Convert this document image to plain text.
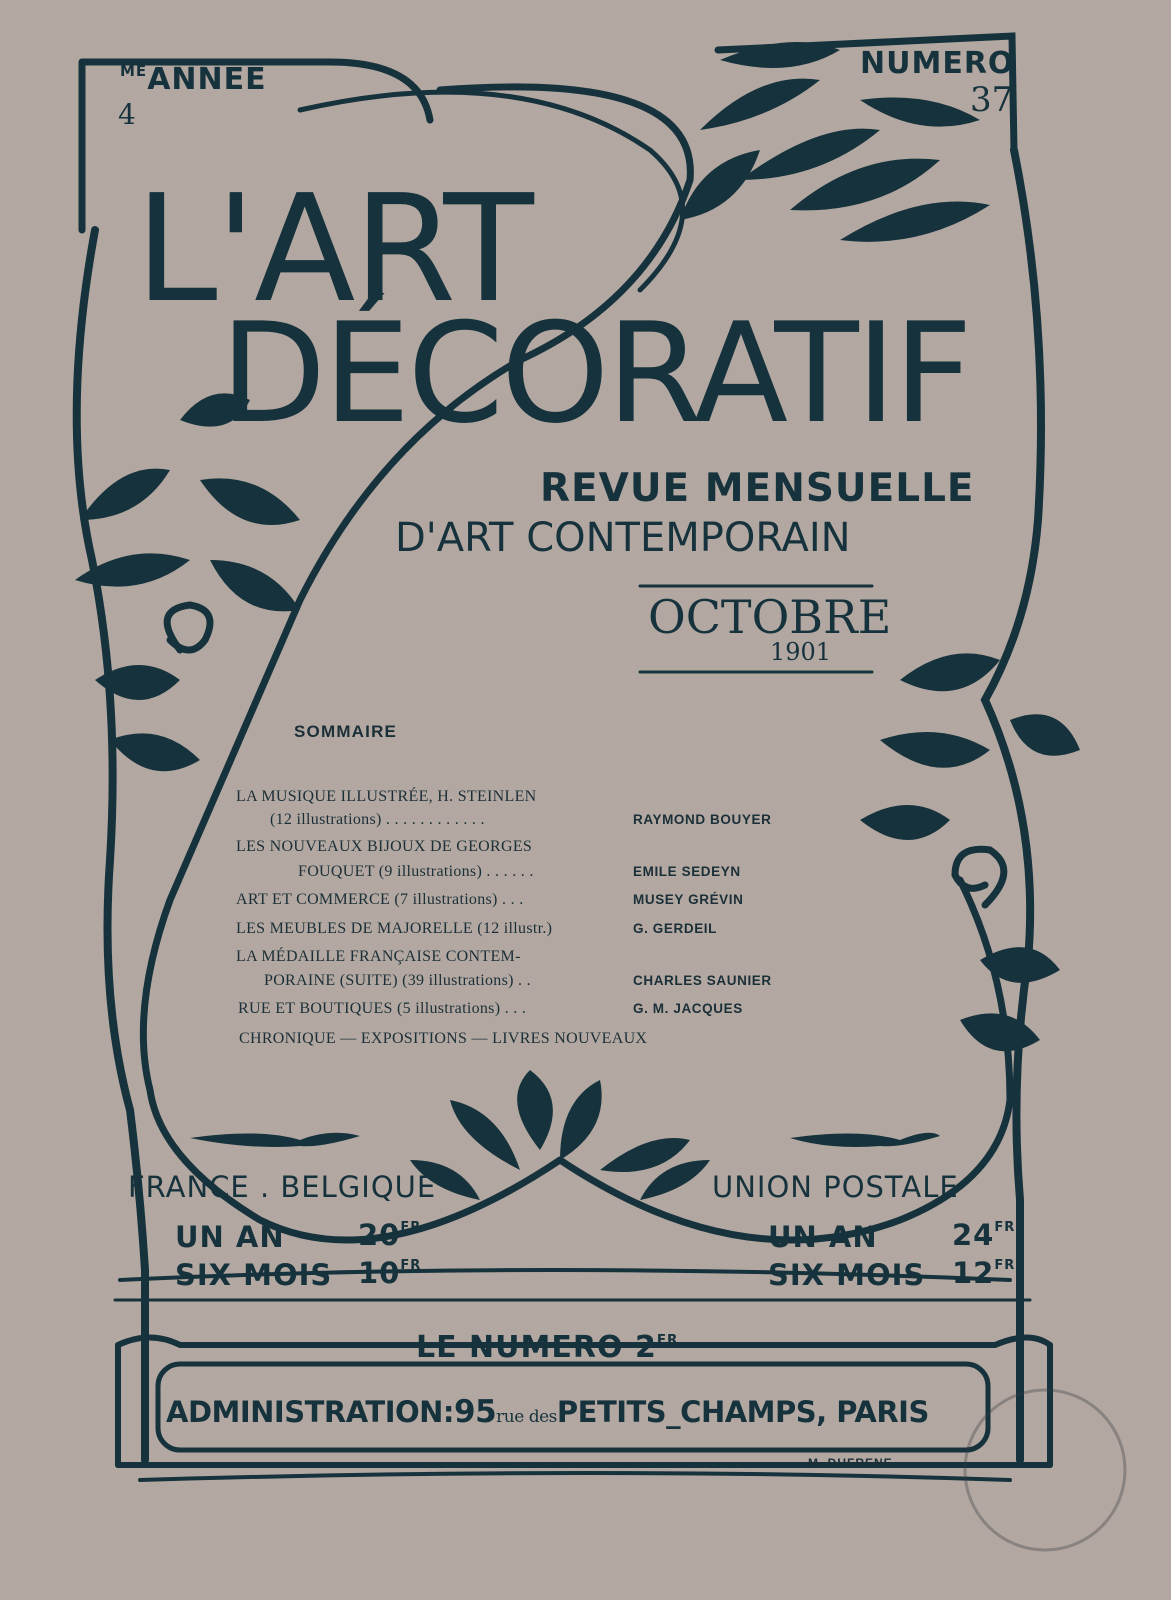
$^{ME}$ANNEE
4
NUMERO
37
L'ART
DÉCORATIF
REVUE MENSUELLE
D'ART CONTEMPORAIN
OCTOBRE
1901
SOMMAIRE
LA MUSIQUE ILLUSTRÉE, H. STEINLEN
(12 illustrations) . . . . . . . . . . . .	RAYMOND BOUYER
LES NOUVEAUX BIJOUX DE GEORGES
FOUQUET (9 illustrations) . . . . . .	EMILE SEDEYN
ART ET COMMERCE (7 illustrations) . . .	MUSEY GRÉVIN
LES MEUBLES DE MAJORELLE (12 illustr.)	G. GERDEIL
LA MÉDAILLE FRANÇAISE CONTEM-
PORAINE (SUITE) (39 illustrations) . .	CHARLES SAUNIER
RUE ET BOUTIQUES (5 illustrations) . . .	G. M. JACQUES
CHRONIQUE — EXPOSITIONS — LIVRES NOUVEAUX
FRANCE . BELGIQUE
UN AN	$20^{FR}$
SIX MOIS $10^{FR}$
UNION POSTALE
UN AN	$24^{FR}$
SIX MOIS $12^{FR}$
LE NUMERO $2^{FR}$
ADMINISTRATION:95rue desPETITS_CHAMPS, PARIS
M. DUFRENE
